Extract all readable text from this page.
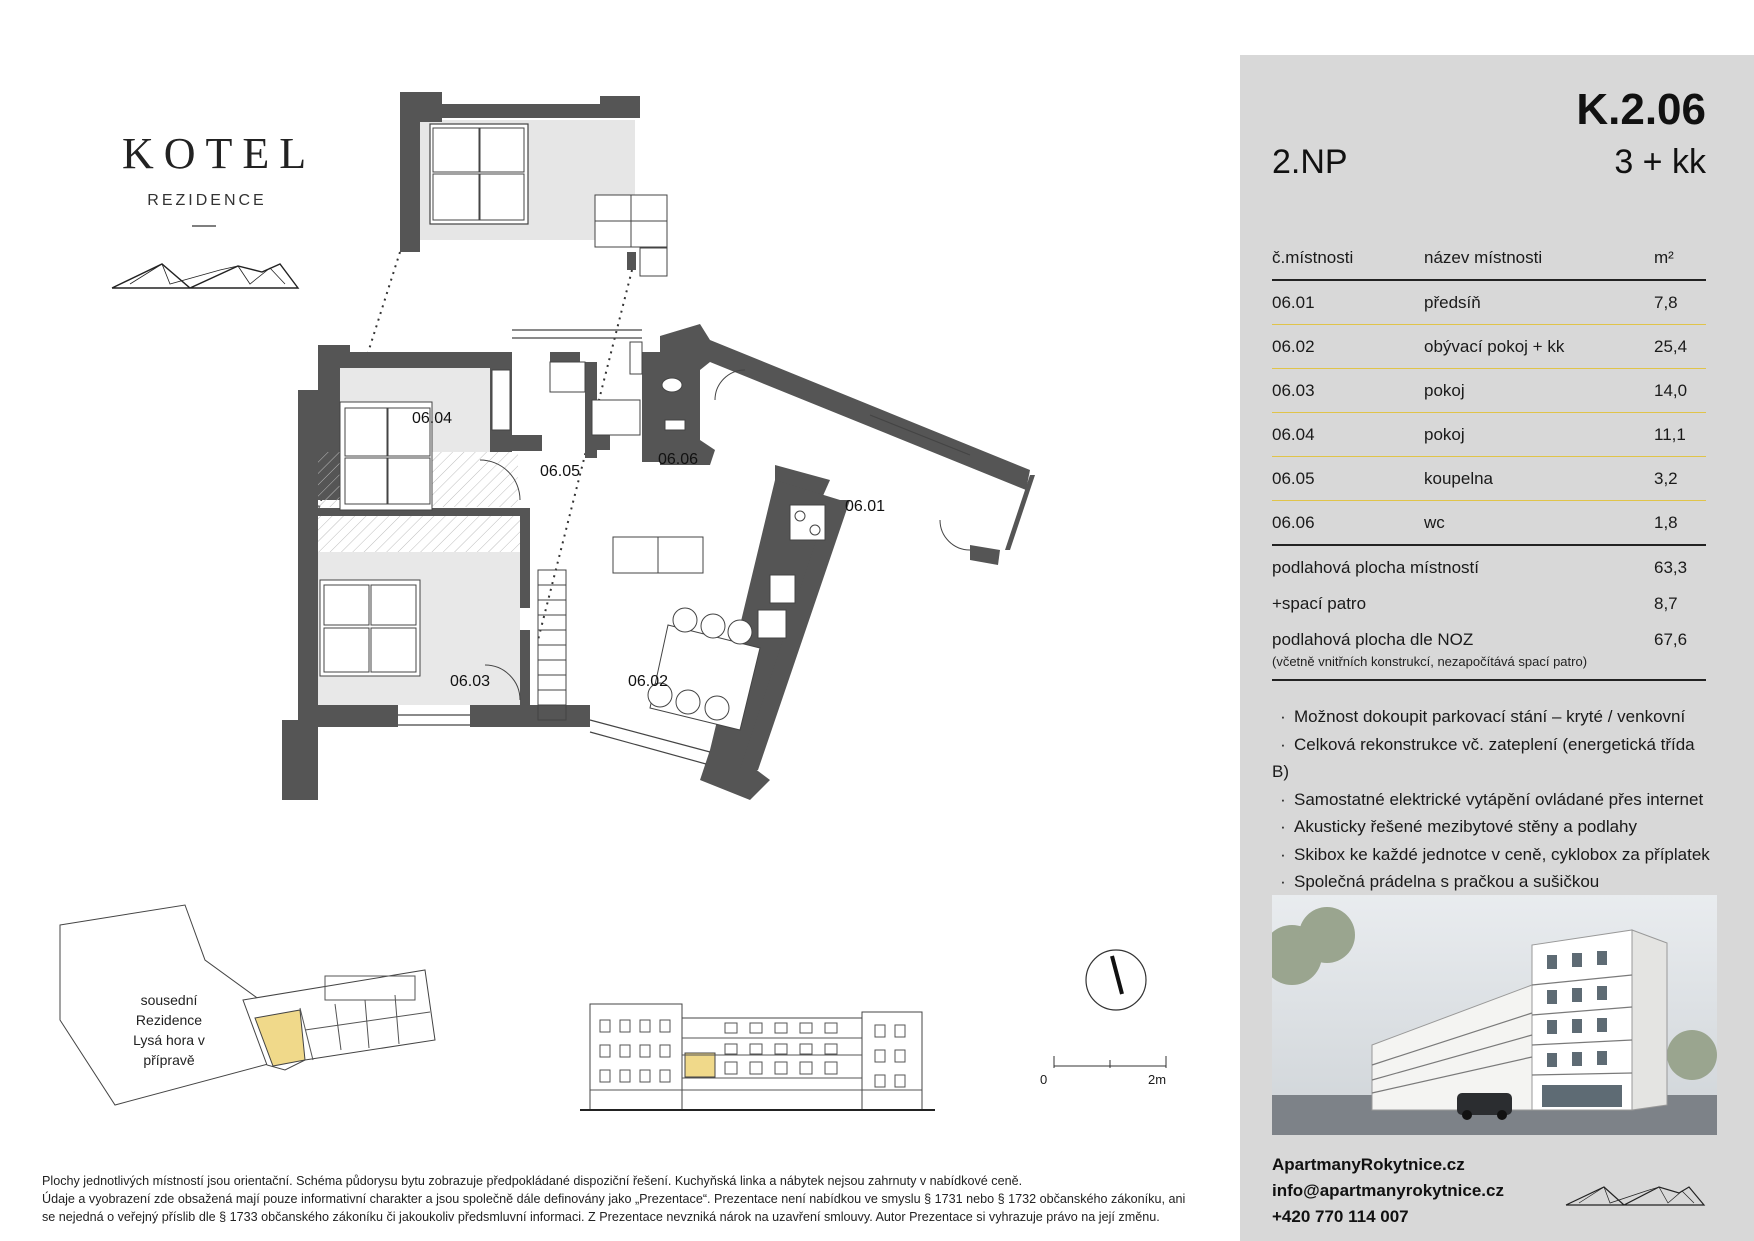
KOTEL
REZIDENCE
06.04
06.05
06.06
06.01
06.03	06.02
sousední Rezidence Lysá hora v přípravě
0	2m
Plochy jednotlivých místností jsou orientační. Schéma půdorysu bytu zobrazuje předpokládané dispoziční řešení. Kuchyňská linka a nábytek nejsou zahrnuty v nabídkové ceně.
Údaje a vyobrazení zde obsažená mají pouze informativní charakter a jsou společně dále definovány jako „Prezentace“. Prezentace není nabídkou ve smyslu § 1731 nebo § 1732 občanského zákoníku, ani
se nejedná o veřejný příslib dle § 1733 občanského zákoníku či jakoukoliv předsmluvní informaci. Z Prezentace nevzniká nárok na uzavření smlouvy. Autor Prezentace si vyhrazuje právo na její změnu.
K.2.06
2.NP	3 + kk
č.místnosti	název místnosti	m²
06.01	předsíň	7,8
06.02	obývací pokoj + kk	25,4
06.03	pokoj	14,0
06.04	pokoj	11,1
06.05	koupelna	3,2
06.06	wc	1,8
podlahová plocha místností	63,3
+spací patro	8,7
podlahová plocha dle NOZ	67,6
(včetně vnitřních konstrukcí, nezapočítává spací patro)
· Možnost dokoupit parkovací stání – kryté / venkovní
· Celková rekonstrukce vč. zateplení (energetická třída B)
· Samostatné elektrické vytápění ovládané přes internet
· Akusticky řešené mezibytové stěny a podlahy
· Skibox ke každé jednotce v ceně, cyklobox za příplatek
· Společná prádelna s pračkou a sušičkou
ApartmanyRokytnice.cz
info@apartmanyrokytnice.cz
+420 770 114 007
